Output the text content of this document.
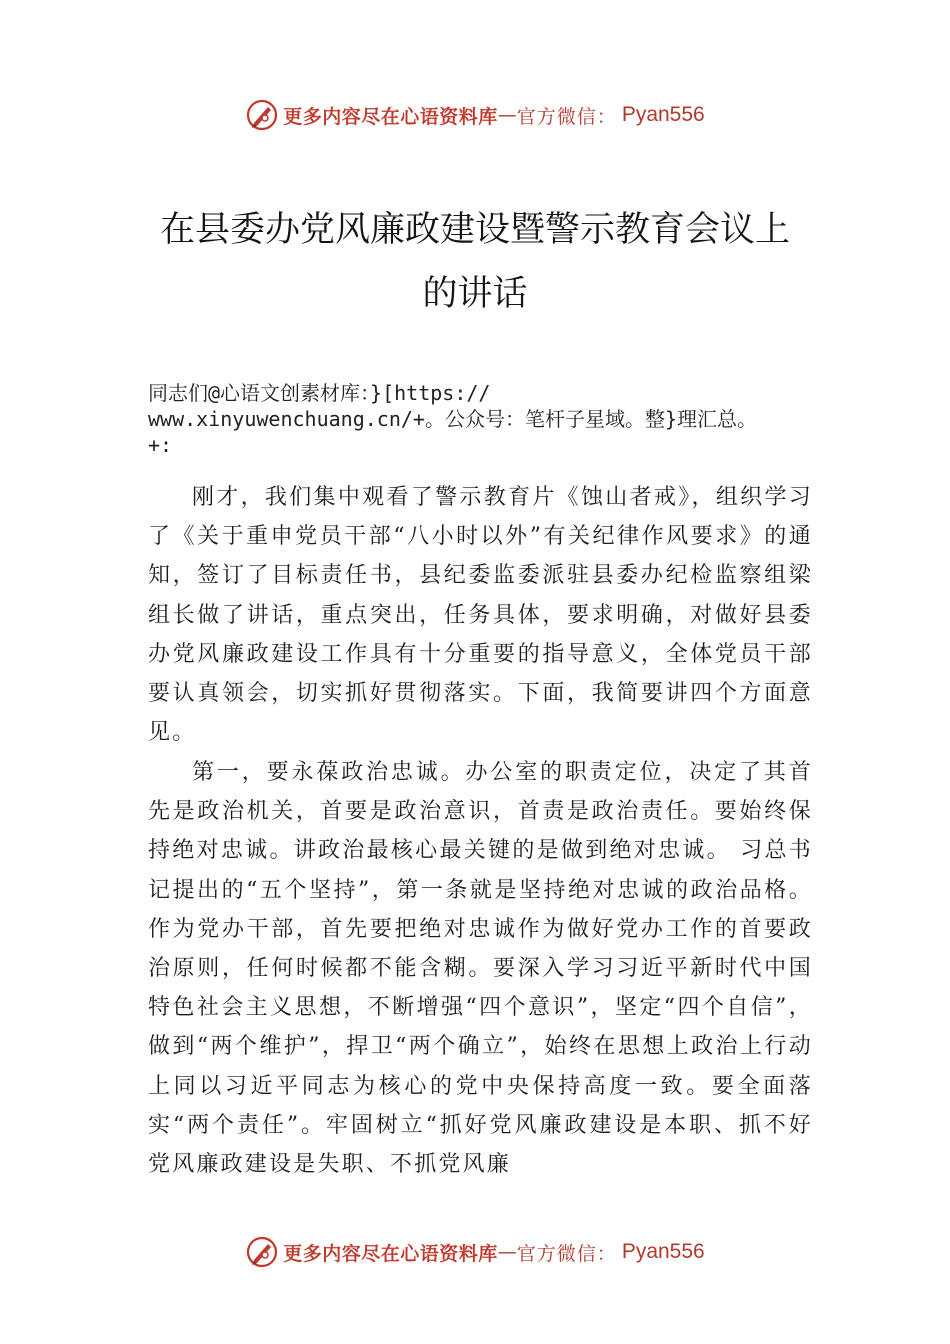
更多内容尽在心语资料库 — 官方微信 ： Pyan556
在县委办党风廉政建设暨警示教育会议上
的讲话
同志们@心语文创素材库：}[https://
www.xinyuwenchuang.cn/+。公众号：笔杆子星域。整}理汇总。
+:

刚才，我们集中观看了警示教育片《蚀山者戒》，组织学习了《关于重申党员干部“八小时以外”有关纪律作风要求》的通知，签订了目标责任书，县纪委监委派驻县委办纪检监察组梁组长做了讲话，重点突出，任务具体，要求明确，对做好县委办党风廉政建设工作具有十分重要的指导意义，全体党员干部要认真领会，切实抓好贯彻落实。下面，我简要讲四个方面意见。

第一，要永葆政治忠诚。办公室的职责定位，决定了其首先是政治机关，首要是政治意识，首责是政治责任。要始终保持绝对忠诚。讲政治最核心最关键的是做到绝对忠诚。 习总书记提出的“五个坚持”，第一条就是坚持绝对忠诚的政治品格。作为党办干部，首先要把绝对忠诚作为做好党办工作的首要政治原则，任何时候都不能含糊。要深入学习习近平新时代中国特色社会主义思想，不断增强“四个意识”，坚定“四个自信”，做到“两个维护”，捍卫“两个确立”，始终在思想上政治上行动上同以习近平同志为核心的党中央保持高度一致。要全面落实“两个责任”。牢固树立“抓好党风廉政建设是本职、抓不好党风廉政建设是失职、不抓党风廉

更多内容尽在心语资料库 — 官方微信 ： Pyan556
